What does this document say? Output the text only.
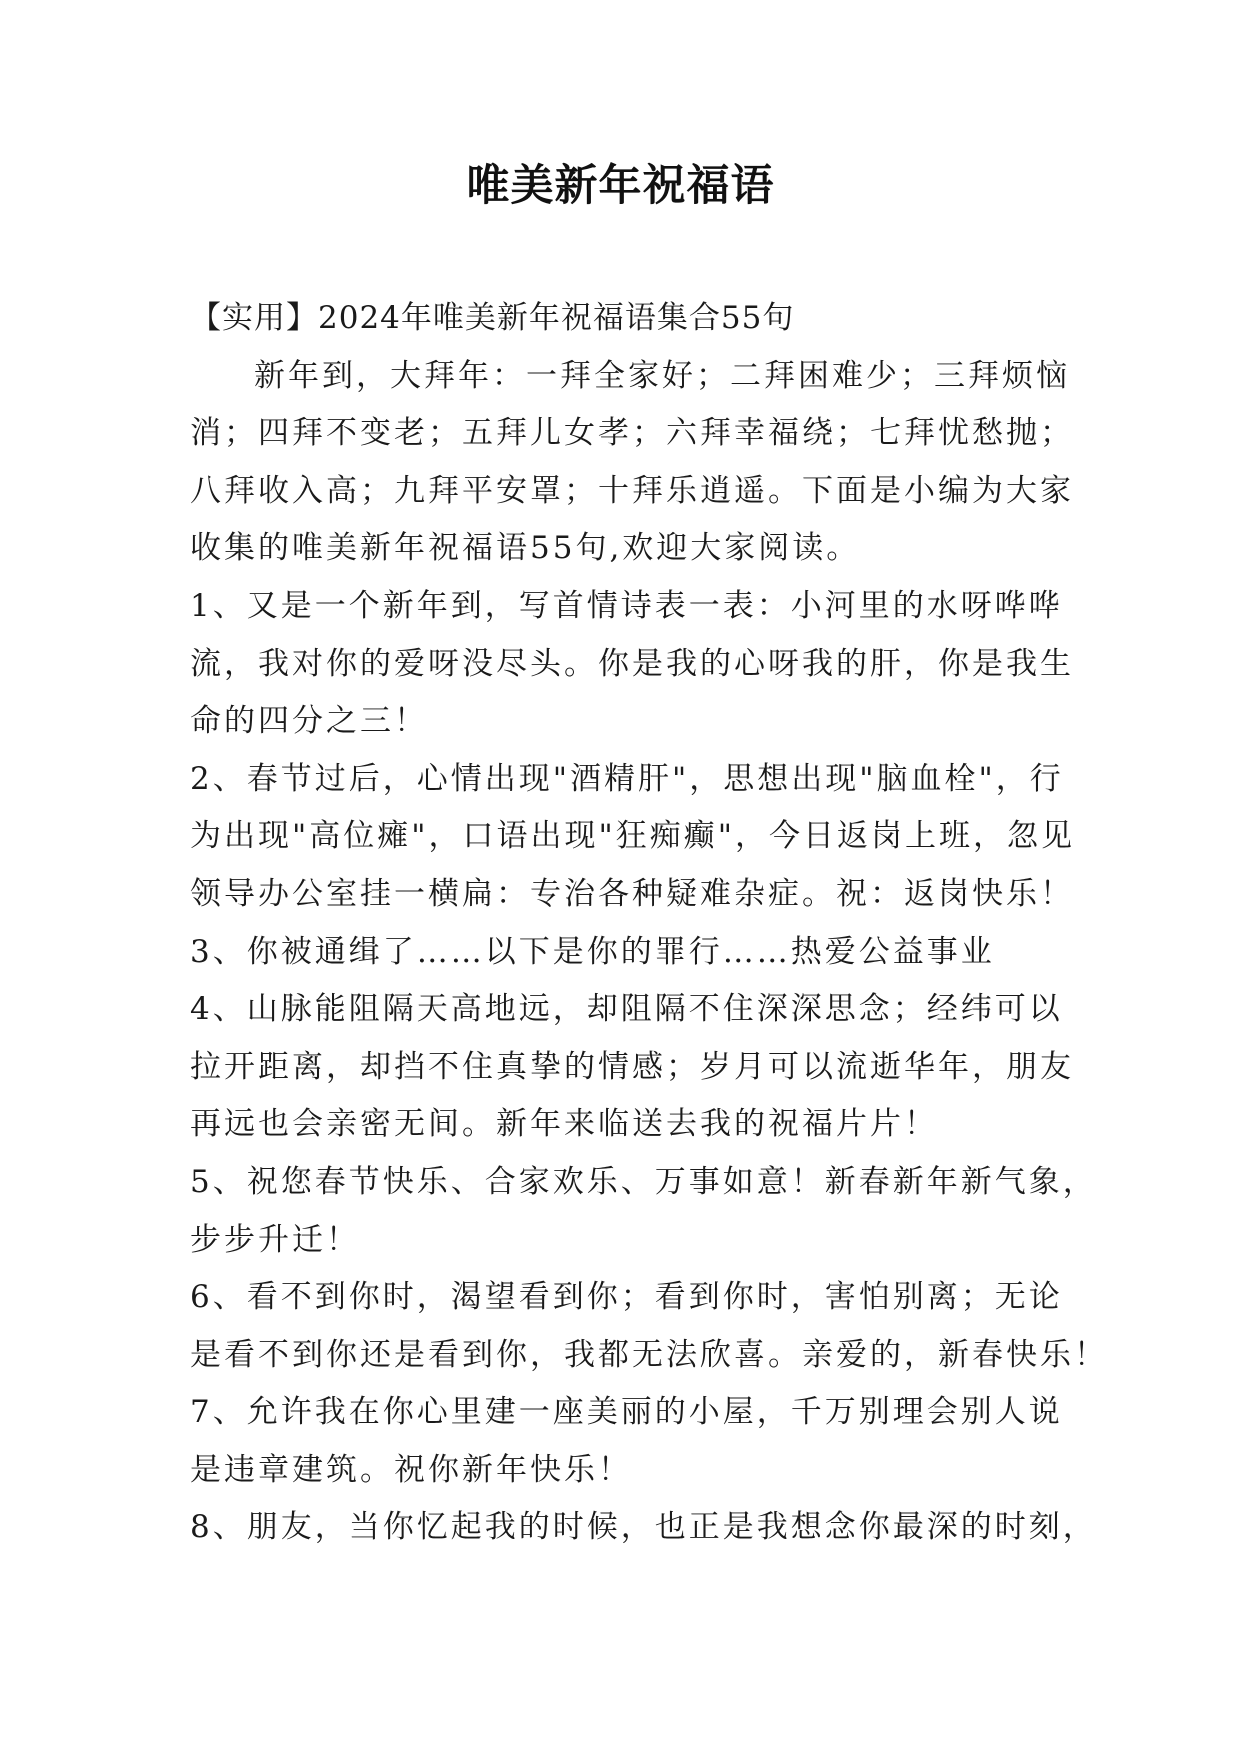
唯美新年祝福语
【实用】2024年唯美新年祝福语集合55句
新年到，大拜年：一拜全家好；二拜困难少；三拜烦恼
消；四拜不变老；五拜儿女孝；六拜幸福绕；七拜忧愁抛；
八拜收入高；九拜平安罩；十拜乐逍遥。下面是小编为大家
收集的唯美新年祝福语55句,欢迎大家阅读。
1、又是一个新年到，写首情诗表一表：小河里的水呀哗哗
流，我对你的爱呀没尽头。你是我的心呀我的肝，你是我生
命的四分之三！
2、春节过后，心情出现"酒精肝"，思想出现"脑血栓"，行
为出现"高位瘫"，口语出现"狂痴癫"，今日返岗上班，忽见
领导办公室挂一横扁：专治各种疑难杂症。祝：返岗快乐！
3、你被通缉了……以下是你的罪行……热爱公益事业
4、山脉能阻隔天高地远，却阻隔不住深深思念；经纬可以
拉开距离，却挡不住真挚的情感；岁月可以流逝华年，朋友
再远也会亲密无间。新年来临送去我的祝福片片！
5、祝您春节快乐、合家欢乐、万事如意！新春新年新气象，
步步升迁！
6、看不到你时，渴望看到你；看到你时，害怕别离；无论
是看不到你还是看到你，我都无法欣喜。亲爱的，新春快乐！
7、允许我在你心里建一座美丽的小屋，千万别理会别人说
是违章建筑。祝你新年快乐！
8、朋友，当你忆起我的时候，也正是我想念你最深的时刻，
